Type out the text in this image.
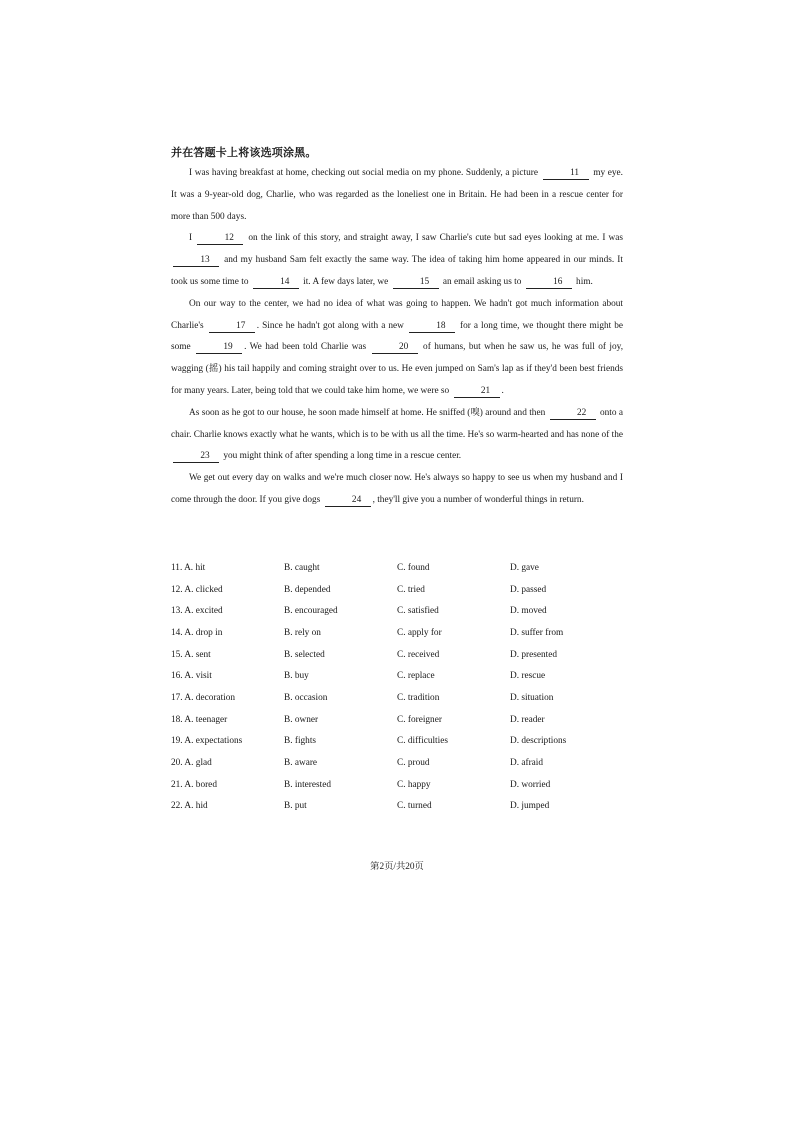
并在答题卡上将该选项涂黑。

I was having breakfast at home, checking out social media on my phone. Suddenly, a picture	11 my eye. It was a 9-year-old dog, Charlie, who was regarded as the loneliest one in Britain. He had been in a rescue center for more than 500 days.

I	12 on the link of this story, and straight away, I saw Charlie's cute but sad eyes looking at me. I was 13 and my husband Sam felt exactly the same way. The idea of taking him home appeared in our minds. It took us some time to	14 it. A few days later, we	15 an email asking us to	16 him.

On our way to the center, we had no idea of what was going to happen. We hadn't got much information about Charlie's	17 . Since he hadn't got along with a new	18 for a long time, we thought there might be some	19 . We had been told Charlie was	20 of humans, but when he saw us, he was full of joy, wagging (摇) his tail happily and coming straight over to us. He even jumped on Sam's lap as if they'd been best friends for many years. Later, being told that we could take him home, we were so	21 .

As soon as he got to our house, he soon made himself at home. He sniffed (嗅) around and then	22 onto a chair. Charlie knows exactly what he wants, which is to be with us all the time. He's so warm-hearted and has none of the 23 you might think of after spending a long time in a rescue center.

We get out every day on walks and we're much closer now. He's always so happy to see us when my husband and I come through the door. If you give dogs	24 , they'll give you a number of wonderful things in return.

11. A. hit	B. caught	C. found	D. gave
12. A. clicked	B. depended	C. tried	D. passed
13. A. excited	B. encouraged	C. satisfied	D. moved
14. A. drop in	B. rely on	C. apply for	D. suffer from
15. A. sent	B. selected	C. received	D. presented
16. A. visit	B. buy	C. replace	D. rescue
17. A. decoration	B. occasion	C. tradition	D. situation
18. A. teenager	B. owner	C. foreigner	D. reader
19. A. expectations	B. fights	C. difficulties	D. descriptions
20. A. glad	B. aware	C. proud	D. afraid
21. A. bored	B. interested	C. happy	D. worried
22. A. hid	B. put	C. turned	D. jumped
第2页/共20页
